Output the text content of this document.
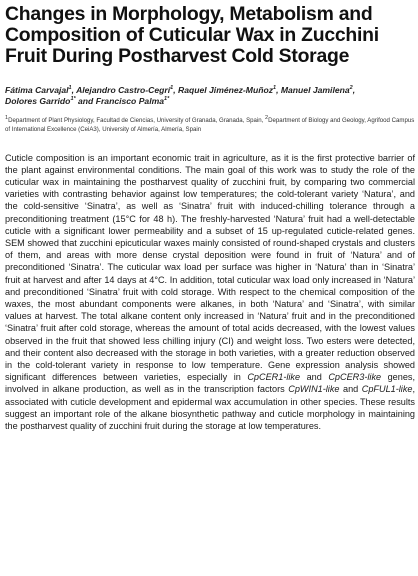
Changes in Morphology, Metabolism and Composition of Cuticular Wax in Zucchini Fruit During Postharvest Cold Storage
Fátima Carvajal$^1$, Alejandro Castro-Cegrí$^1$, Raquel Jiménez-Muñoz$^1$, Manuel Jamilena$^2$,
Dolores Garrido$^{1*}$ and Francisco Palma$^{1*}$
$^1$Department of Plant Physiology, Facultad de Ciencias, University of Granada, Granada, Spain, $^2$Department of Biology and Geology, Agrifood Campus of International Excellence (CeiA3), University of Almería, Almería, Spain

Cuticle composition is an important economic trait in agriculture, as it is the first protective barrier of the plant against environmental conditions. The main goal of this work was to study the role of the cuticular wax in maintaining the postharvest quality of zucchini fruit, by comparing two commercial varieties with contrasting behavior against low temperatures; the cold-tolerant variety ‘Natura’, and the cold-sensitive ‘Sinatra’, as well as ‘Sinatra’ fruit with induced-chilling tolerance through a preconditioning treatment (15°C for 48 h). The freshly-harvested ‘Natura’ fruit had a well-detectable cuticle with a significant lower permeability and a subset of 15 up-regulated cuticle-related genes. SEM showed that zucchini epicuticular waxes mainly consisted of round-shaped crystals and clusters of them, and areas with more dense crystal deposition were found in fruit of ‘Natura’ and of preconditioned ‘Sinatra’. The cuticular wax load per surface was higher in ‘Natura’ than in ‘Sinatra’ fruit at harvest and after 14 days at 4°C. In addition, total cuticular wax load only increased in ‘Natura’ and preconditioned ‘Sinatra’ fruit with cold storage. With respect to the chemical composition of the waxes, the most abundant components were alkanes, in both ‘Natura’ and ‘Sinatra’, with similar values at harvest. The total alkane content only increased in ‘Natura’ fruit and in the preconditioned ‘Sinatra’ fruit after cold storage, whereas the amount of total acids decreased, with the lowest values observed in the fruit that showed less chilling injury (CI) and weight loss. Two esters were detected, and their content also decreased with the storage in both varieties, with a greater reduction observed in the cold-tolerant variety in response to low temperature. Gene expression analysis showed significant differences between varieties, especially in CpCER1-like and CpCER3-like genes, involved in alkane production, as well as in the transcription factors CpWIN1-like and CpFUL1-like, associated with cuticle development and epidermal wax accumulation in other species. These results suggest an important role of the alkane biosynthetic pathway and cuticle morphology in maintaining the postharvest quality of zucchini fruit during the storage at low temperatures.
